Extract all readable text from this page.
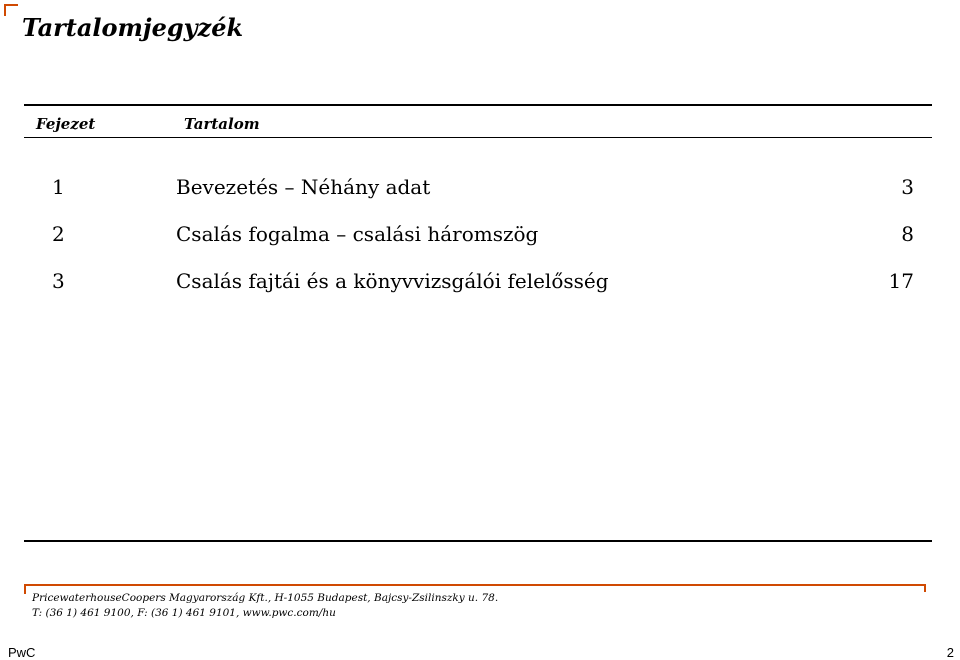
Tartalomjegyzék
Fejezet	Tartalom
1	Bevezetés – Néhány adat	3
2	Csalás fogalma – csalási háromszög	8
3	Csalás fajtái és a könyvvizsgálói felelősség	17
PricewaterhouseCoopers Magyarország Kft., H-1055 Budapest, Bajcsy-Zsilinszky u. 78.
T: (36 1) 461 9100, F: (36 1) 461 9101, www.pwc.com/hu
PwC	2
